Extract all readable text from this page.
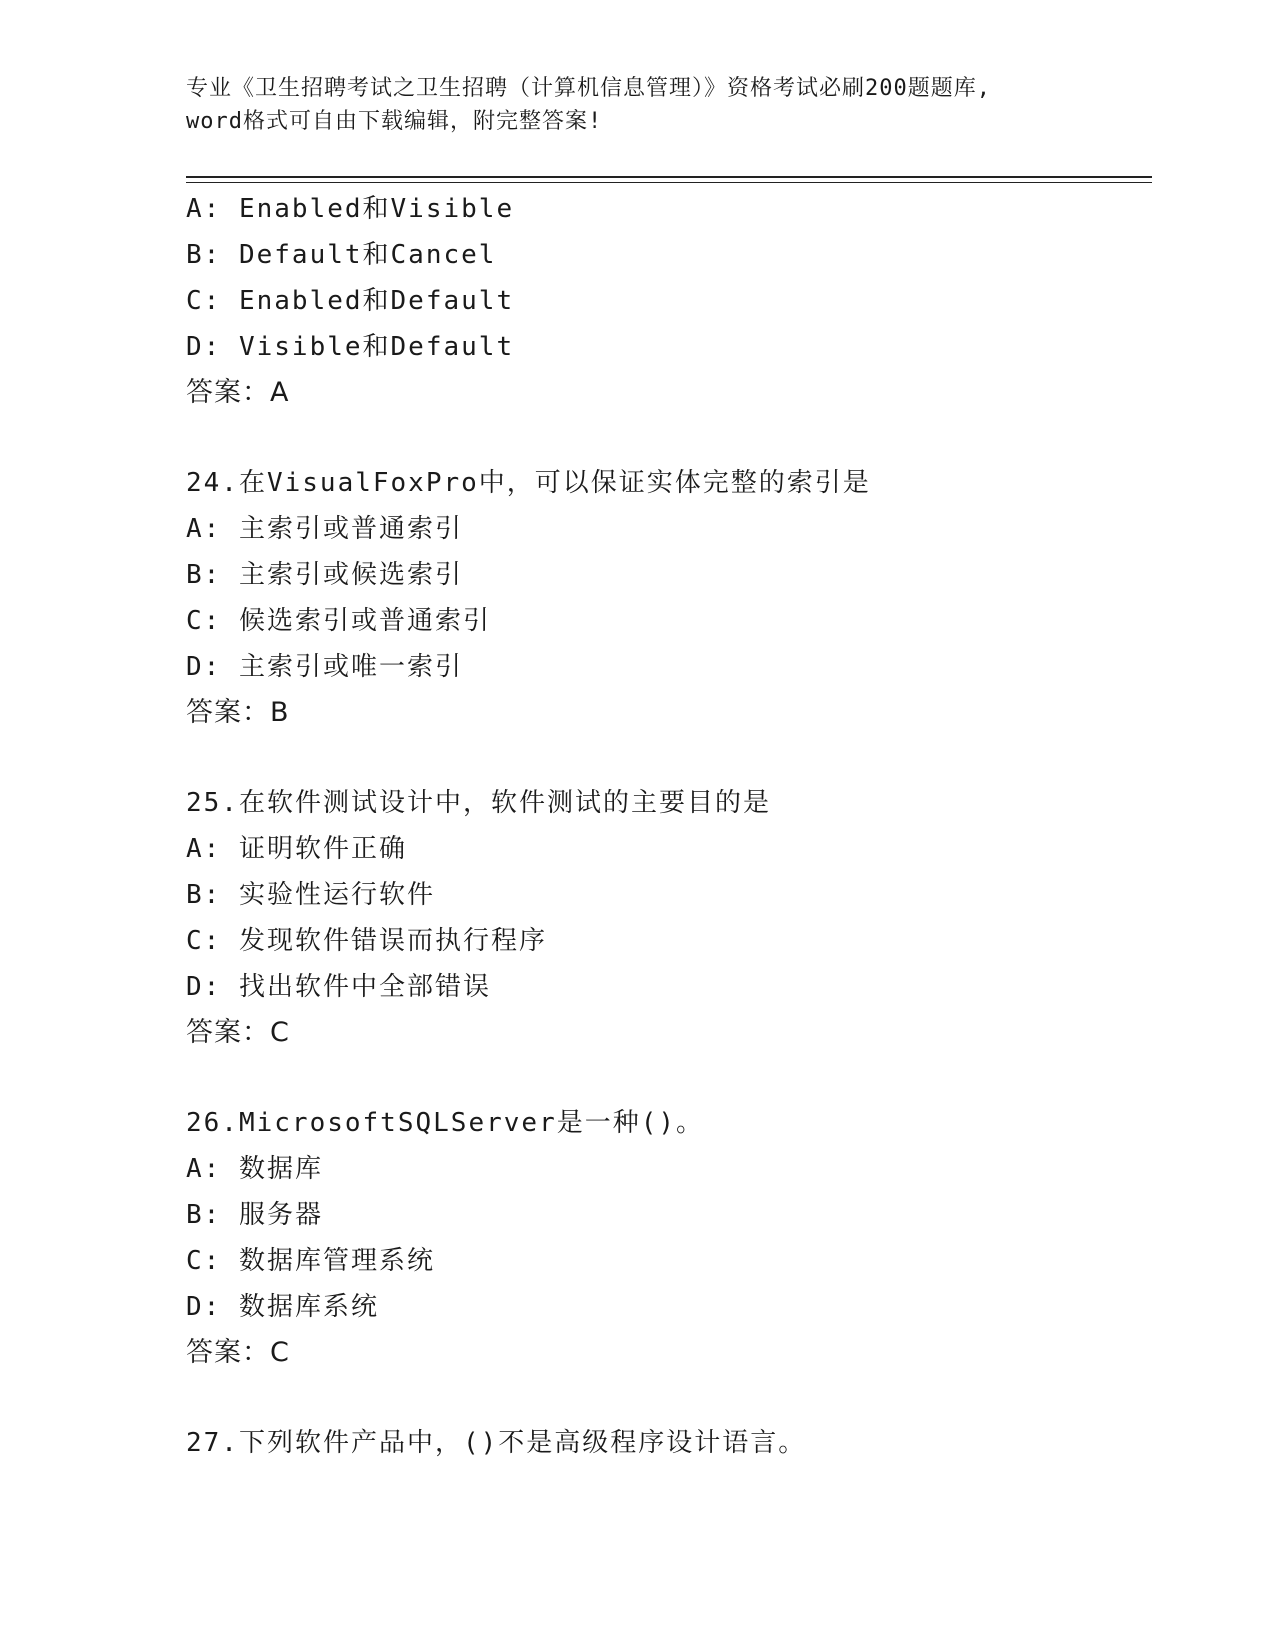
专业《卫生招聘考试之卫生招聘（计算机信息管理）》资格考试必刷200题题库,
word格式可自由下载编辑，附完整答案!
A: Enabled和Visible
B: Default和Cancel
C: Enabled和Default
D: Visible和Default
答案：A
24.在VisualFoxPro中，可以保证实体完整的索引是
A: 主索引或普通索引
B: 主索引或候选索引
C: 候选索引或普通索引
D: 主索引或唯一索引
答案：B
25.在软件测试设计中，软件测试的主要目的是
A: 证明软件正确
B: 实验性运行软件
C: 发现软件错误而执行程序
D: 找出软件中全部错误
答案：C
26.MicrosoftSQLServer是一种()。
A: 数据库
B: 服务器
C: 数据库管理系统
D: 数据库系统
答案：C
27.下列软件产品中，()不是高级程序设计语言。
